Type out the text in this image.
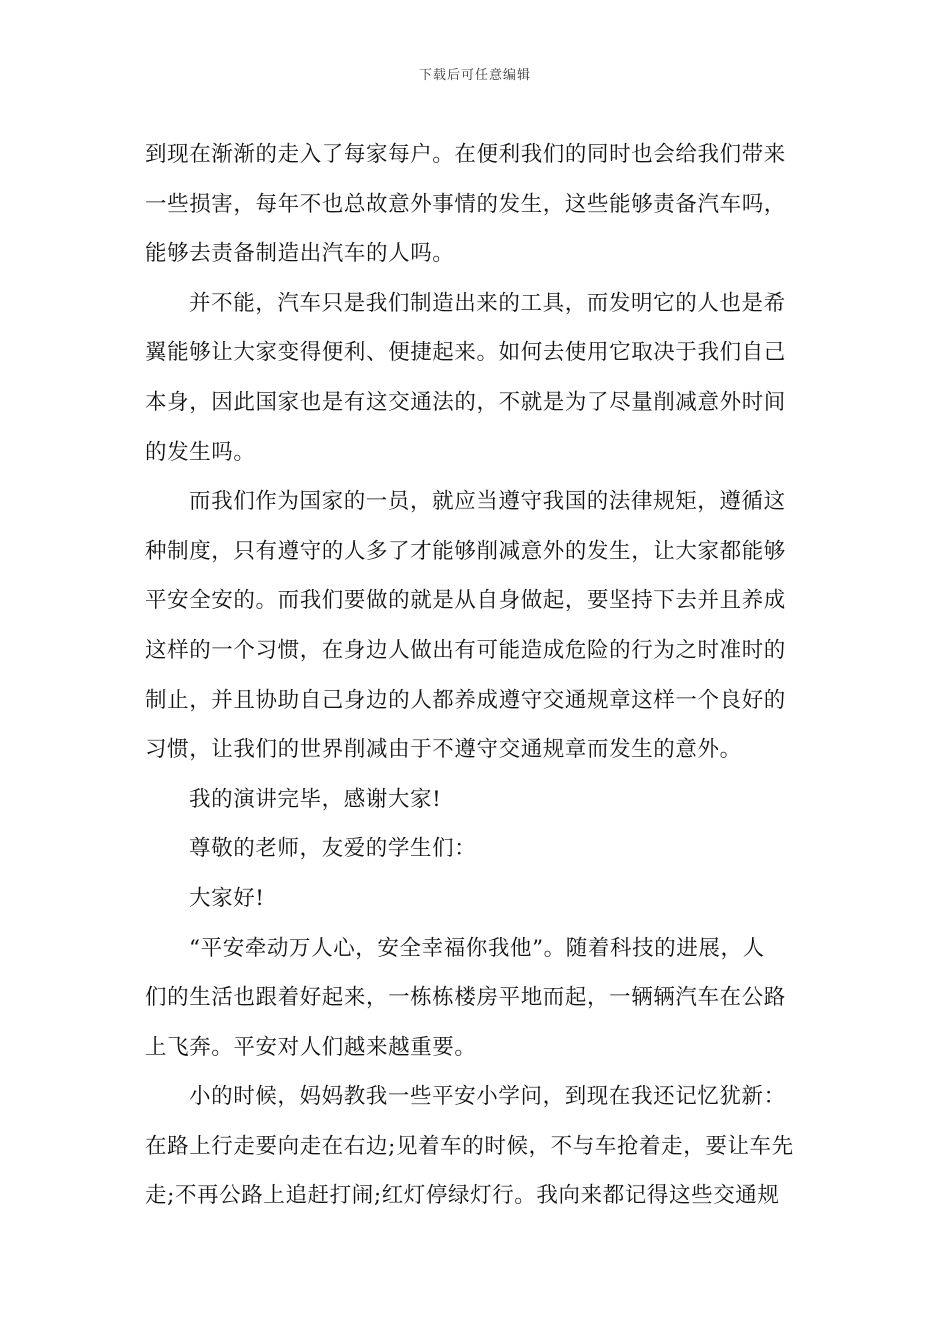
下载后可任意编辑
到现在渐渐的走入了每家每户。在便利我们的同时也会给我们带来
一些损害，每年不也总故意外事情的发生，这些能够责备汽车吗，
能够去责备制造出汽车的人吗。
并不能，汽车只是我们制造出来的工具，而发明它的人也是希
翼能够让大家变得便利、便捷起来。如何去使用它取决于我们自己
本身，因此国家也是有这交通法的，不就是为了尽量削减意外时间
的发生吗。
而我们作为国家的一员，就应当遵守我国的法律规矩，遵循这
种制度，只有遵守的人多了才能够削减意外的发生，让大家都能够
平安全安的。而我们要做的就是从自身做起，要坚持下去并且养成
这样的一个习惯，在身边人做出有可能造成危险的行为之时准时的
制止，并且协助自己身边的人都养成遵守交通规章这样一个良好的
习惯，让我们的世界削减由于不遵守交通规章而发生的意外。
我的演讲完毕，感谢大家!
尊敬的老师，友爱的学生们：
大家好!
“平安牵动万人心，安全幸福你我他”。随着科技的进展，人
们的生活也跟着好起来，一栋栋楼房平地而起，一辆辆汽车在公路
上飞奔。平安对人们越来越重要。
小的时候，妈妈教我一些平安小学问，到现在我还记忆犹新：
在路上行走要向走在右边;见着车的时候，不与车抢着走，要让车先
走;不再公路上追赶打闹;红灯停绿灯行。我向来都记得这些交通规
